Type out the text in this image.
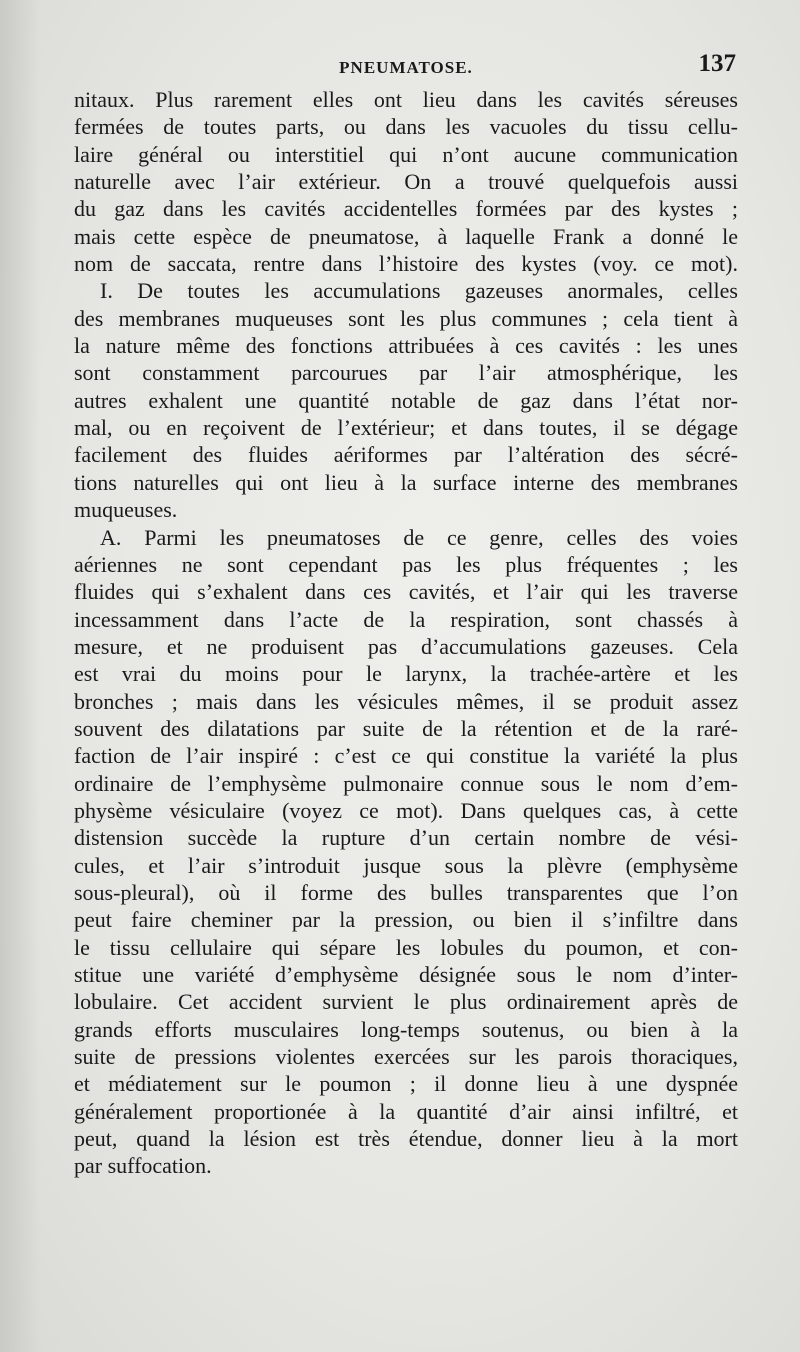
PNEUMATOSE.	137
nitaux. Plus rarement elles ont lieu dans les cavités séreuses
fermées de toutes parts, ou dans les vacuoles du tissu cellu-
laire général ou interstitiel qui n’ont aucune communication
naturelle avec l’air extérieur. On a trouvé quelquefois aussi
du gaz dans les cavités accidentelles formées par des kystes ;
mais cette espèce de pneumatose, à laquelle Frank a donné le
nom de saccata, rentre dans l’histoire des kystes (voy. ce mot).
I. De toutes les accumulations gazeuses anormales, celles
des membranes muqueuses sont les plus communes ; cela tient à
la nature même des fonctions attribuées à ces cavités : les unes
sont constamment parcourues par l’air atmosphérique, les
autres exhalent une quantité notable de gaz dans l’état nor-
mal, ou en reçoivent de l’extérieur; et dans toutes, il se dégage
facilement des fluides aériformes par l’altération des sécré-
tions naturelles qui ont lieu à la surface interne des membranes
muqueuses.
A. Parmi les pneumatoses de ce genre, celles des voies
aériennes ne sont cependant pas les plus fréquentes ; les
fluides qui s’exhalent dans ces cavités, et l’air qui les traverse
incessamment dans l’acte de la respiration, sont chassés à
mesure, et ne produisent pas d’accumulations gazeuses. Cela
est vrai du moins pour le larynx, la trachée-artère et les
bronches ; mais dans les vésicules mêmes, il se produit assez
souvent des dilatations par suite de la rétention et de la raré-
faction de l’air inspiré : c’est ce qui constitue la variété la plus
ordinaire de l’emphysème pulmonaire connue sous le nom d’em-
physème vésiculaire (voyez ce mot). Dans quelques cas, à cette
distension succède la rupture d’un certain nombre de vési-
cules, et l’air s’introduit jusque sous la plèvre (emphysème
sous-pleural), où il forme des bulles transparentes que l’on
peut faire cheminer par la pression, ou bien il s’infiltre dans
le tissu cellulaire qui sépare les lobules du poumon, et con-
stitue une variété d’emphysème désignée sous le nom d’inter-
lobulaire. Cet accident survient le plus ordinairement après de
grands efforts musculaires long-temps soutenus, ou bien à la
suite de pressions violentes exercées sur les parois thoraciques,
et médiatement sur le poumon ; il donne lieu à une dyspnée
généralement proportionée à la quantité d’air ainsi infiltré, et
peut, quand la lésion est très étendue, donner lieu à la mort
par suffocation.
